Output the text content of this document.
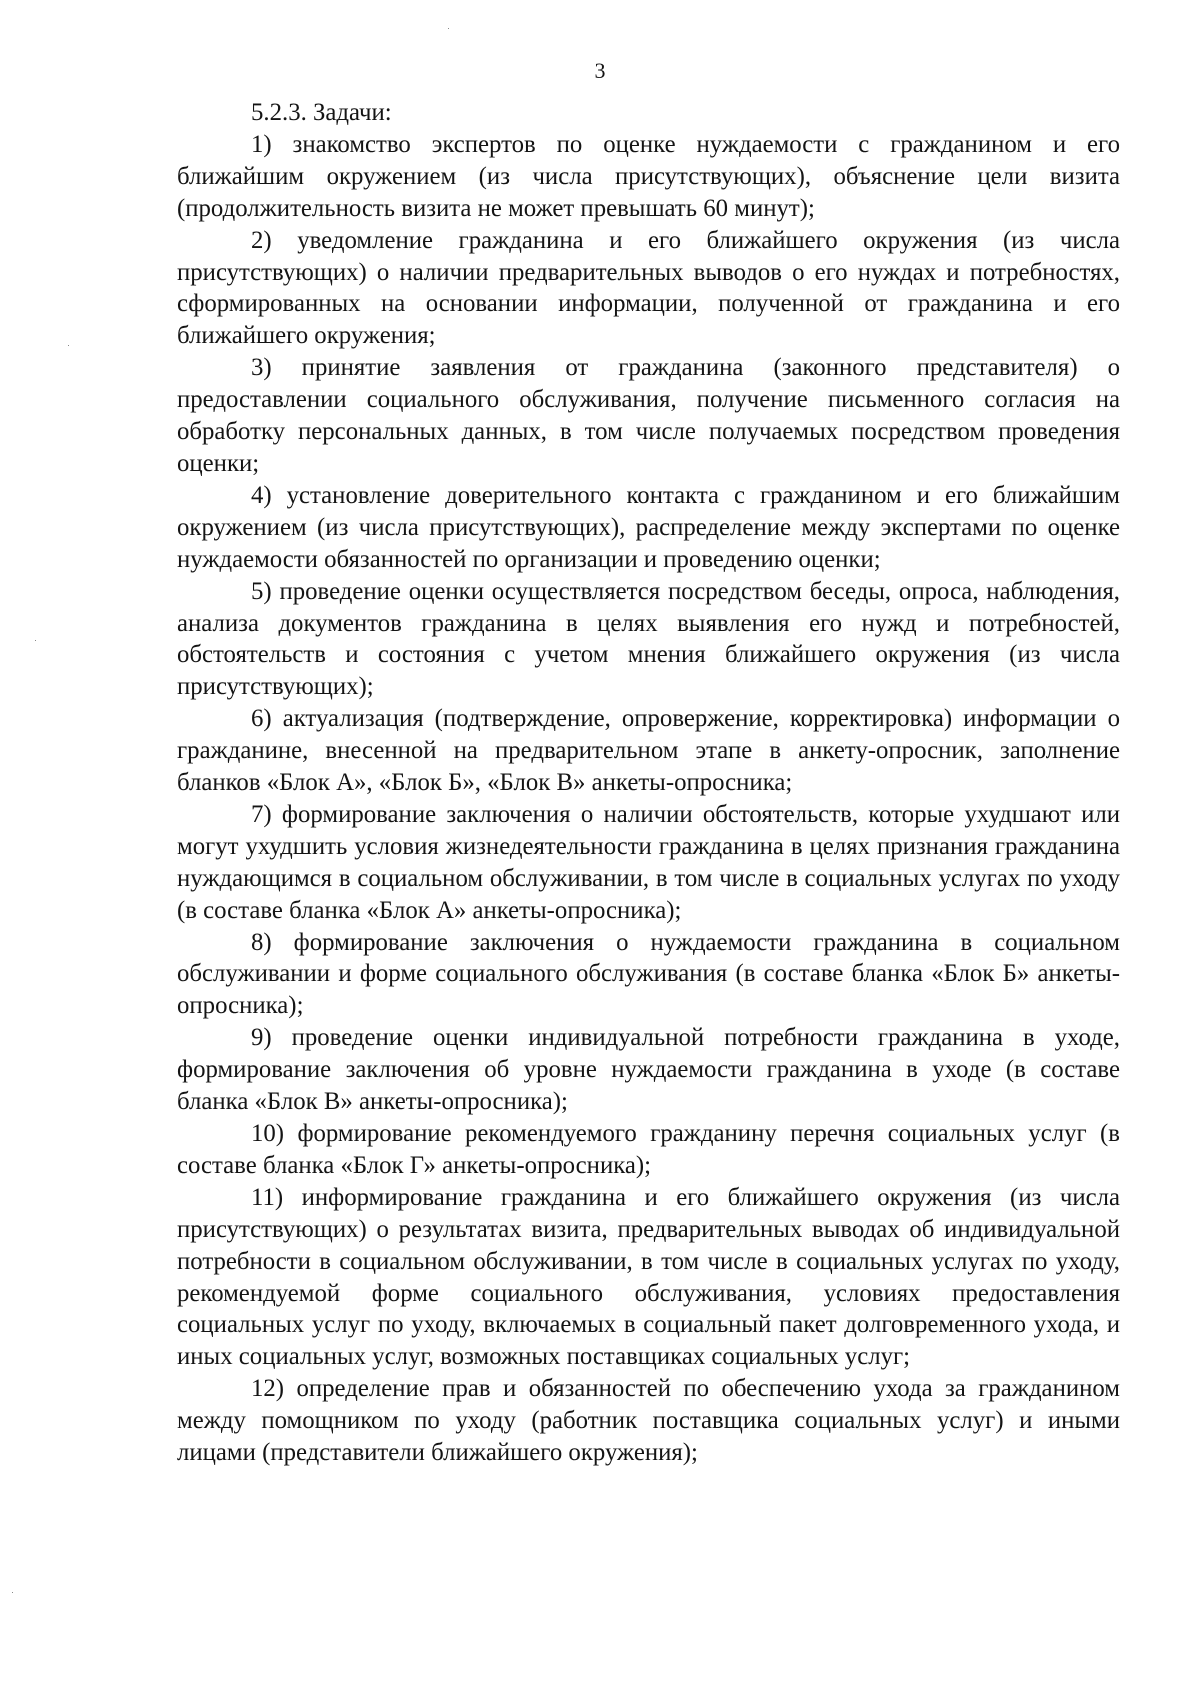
3

5.2.3. Задачи:

1) знакомство экспертов по оценке нуждаемости с гражданином и его ближайшим окружением (из числа присутствующих), объяснение цели визита (продолжительность визита не может превышать 60 минут);

2) уведомление гражданина и его ближайшего окружения (из числа присутствующих) о наличии предварительных выводов о его нуждах и потребностях, сформированных на основании информации, полученной от гражданина и его ближайшего окружения;

3) принятие заявления от гражданина (законного представителя) о предоставлении социального обслуживания, получение письменного согласия на обработку персональных данных, в том числе получаемых посредством проведения оценки;

4) установление доверительного контакта с гражданином и его ближайшим окружением (из числа присутствующих), распределение между экспертами по оценке нуждаемости обязанностей по организации и проведению оценки;

5) проведение оценки осуществляется посредством беседы, опроса, наблюдения, анализа документов гражданина в целях выявления его нужд и потребностей, обстоятельств и состояния с учетом мнения ближайшего окружения (из числа присутствующих);

6) актуализация (подтверждение, опровержение, корректировка) информации о гражданине, внесенной на предварительном этапе в анкету-опросник, заполнение бланков «Блок А», «Блок Б», «Блок В» анкеты-опросника;

7) формирование заключения о наличии обстоятельств, которые ухудшают или могут ухудшить условия жизнедеятельности гражданина в целях признания гражданина нуждающимся в социальном обслуживании, в том числе в социальных услугах по уходу (в составе бланка «Блок А» анкеты-опросника);

8) формирование заключения о нуждаемости гражданина в социальном обслуживании и форме социального обслуживания (в составе бланка «Блок Б» анкеты-опросника);

9) проведение оценки индивидуальной потребности гражданина в уходе, формирование заключения об уровне нуждаемости гражданина в уходе (в составе бланка «Блок В» анкеты-опросника);

10) формирование рекомендуемого гражданину перечня социальных услуг (в составе бланка «Блок Г» анкеты-опросника);

11) информирование гражданина и его ближайшего окружения (из числа присутствующих) о результатах визита, предварительных выводах об индивидуальной потребности в социальном обслуживании, в том числе в социальных услугах по уходу, рекомендуемой форме социального обслуживания, условиях предоставления социальных услуг по уходу, включаемых в социальный пакет долговременного ухода, и иных социальных услуг, возможных поставщиках социальных услуг;

12) определение прав и обязанностей по обеспечению ухода за гражданином между помощником по уходу (работник поставщика социальных услуг) и иными лицами (представители ближайшего окружения);
